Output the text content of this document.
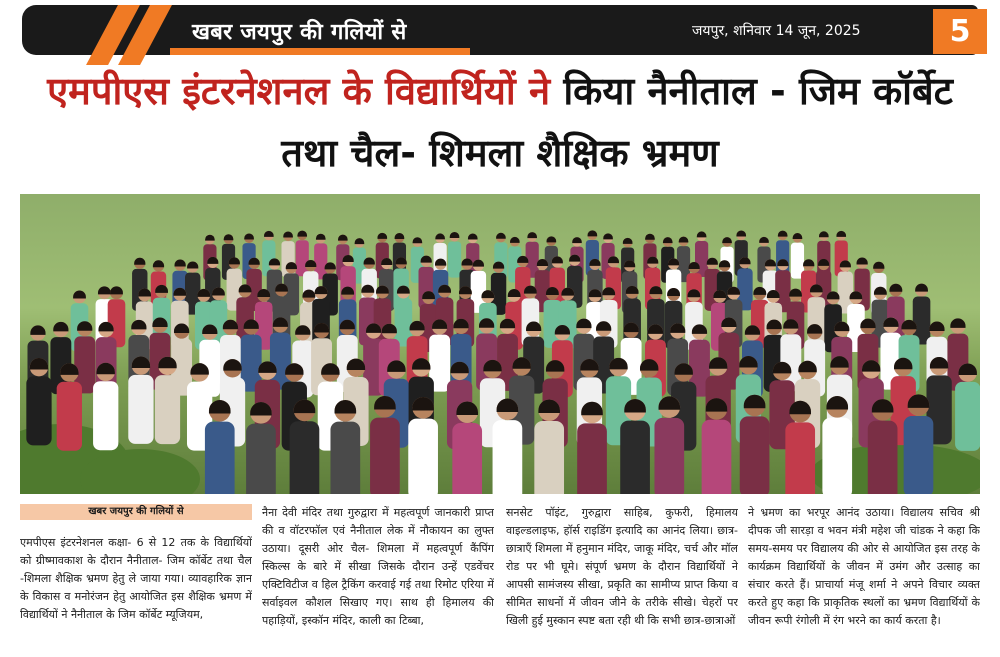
खबर जयपुर की गलियों से	जयपुर, शनिवार 14 जून, 2025	5
एमपीएस इंटरनेशनल के विद्यार्थियों ने किया नैनीताल - जिम कॉर्बेट तथा चैल- शिमला शैक्षिक भ्रमण
खबर जयपुर की गलियों से
एमपीएस इंटरनेशनल कक्षा- 6 से 12 तक के विद्यार्थियों को ग्रीष्मावकाश के दौरान नैनीताल- जिम कॉर्बेट तथा चैल -शिमला शैक्षिक भ्रमण हेतु ले जाया गया। व्यावहारिक ज्ञान के विकास व मनोरंजन हेतु आयोजित इस शैक्षिक भ्रमण में विद्यार्थियों ने नैनीताल के जिम कॉर्बेट म्यूजियम,
नैना देवी मंदिर तथा गुरुद्वारा में महत्वपूर्ण जानकारी प्राप्त की व वॉटरफॉल एवं नैनीताल लेक में नौकायन का लुफ्त उठाया। दूसरी ओर चैल- शिमला में महत्वपूर्ण कैंपिंग स्किल्स के बारे में सीखा जिसके दौरान उन्हें एडवेंचर एक्टिविटीज व हिल ट्रैकिंग करवाई गई तथा रिमोट एरिया में सर्वाइवल कौशल सिखाए गए। साथ ही हिमालय की पहाड़ियों, इस्कॉन मंदिर, काली का टिब्बा,
सनसेट पॉइंट, गुरुद्वारा साहिब, कुफरी, हिमालय वाइल्डलाइफ, हॉर्स राइडिंग इत्यादि का आनंद लिया। छात्र-छात्राएँ शिमला में हनुमान मंदिर, जाकू मंदिर, चर्च और मॉल रोड पर भी घूमे। संपूर्ण भ्रमण के दौरान विद्यार्थियों ने आपसी सामंजस्य सीखा, प्रकृति का सामीप्य प्राप्त किया व सीमित साधनों में जीवन जीने के तरीके सीखे। चेहरों पर खिली हुई मुस्कान स्पष्ट बता रही थी कि सभी छात्र-छात्राओं
ने भ्रमण का भरपूर आनंद उठाया। विद्यालय सचिव श्री दीपक जी सारड़ा व भवन मंत्री महेश जी चांडक ने कहा कि समय-समय पर विद्यालय की ओर से आयोजित इस तरह के कार्यक्रम विद्यार्थियों के जीवन में उमंग और उत्साह का संचार करते हैं। प्राचार्या मंजू शर्मा ने अपने विचार व्यक्त करते हुए कहा कि प्राकृतिक स्थलों का भ्रमण विद्यार्थियों के जीवन रूपी रंगोली में रंग भरने का कार्य करता है।
